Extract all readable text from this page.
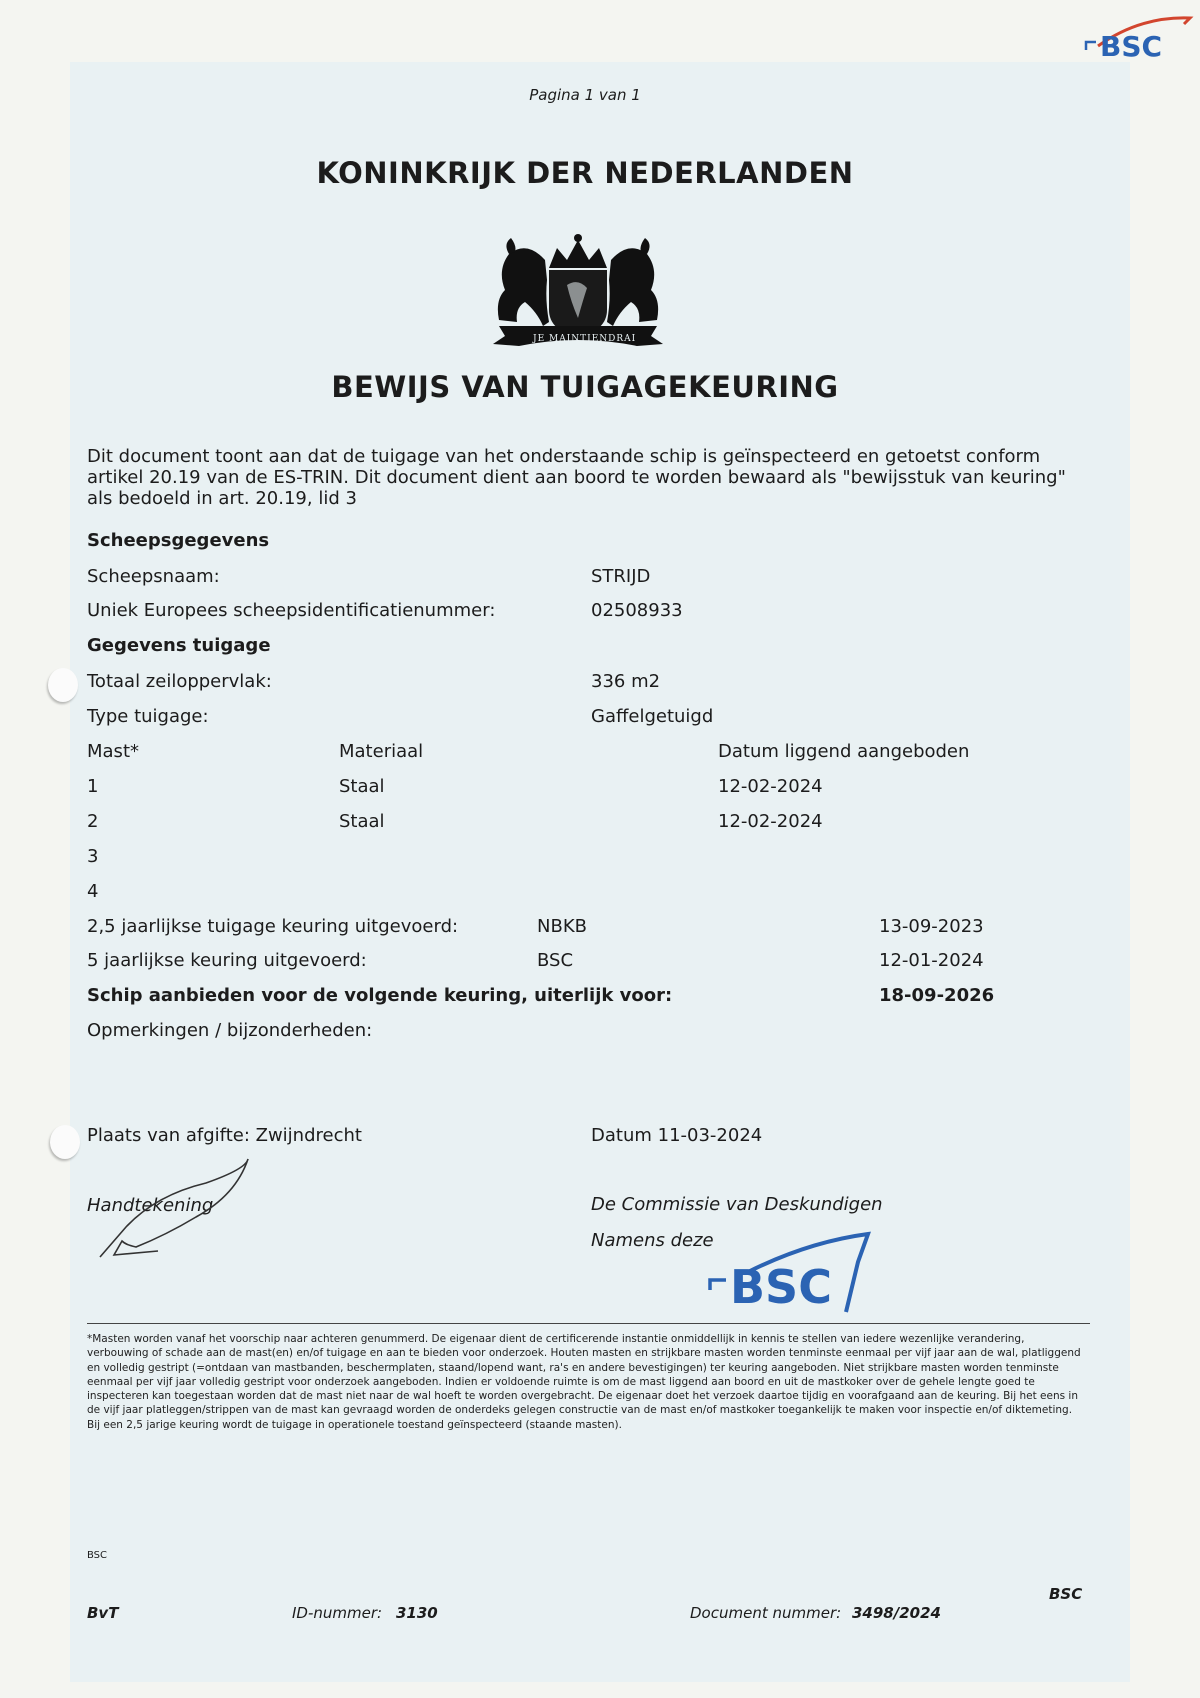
BSC
Pagina 1 van 1
KONINKRIJK DER NEDERLANDEN
JE MAINTIENDRAI
BEWIJS VAN TUIGAGEKEURING
Dit document toont aan dat de tuigage van het onderstaande schip is geïnspecteerd en getoetst conform artikel 20.19 van de ES-TRIN. Dit document dient aan boord te worden bewaard als "bewijsstuk van keuring" als bedoeld in art. 20.19, lid 3
Scheepsgegevens
Scheepsnaam:	STRIJD
Uniek Europees scheepsidentificatienummer:	02508933
Gegevens tuigage
Totaal zeiloppervlak:	336 m2
Type tuigage:	Gaffelgetuigd
Mast*	Materiaal	Datum liggend aangeboden
1	Staal	12-02-2024
2	Staal	12-02-2024
3
4
2,5 jaarlijkse tuigage keuring uitgevoerd:	NBKB	13-09-2023
5 jaarlijkse keuring uitgevoerd:	BSC	12-01-2024
Schip aanbieden voor de volgende keuring, uiterlijk voor:	18-09-2026
Opmerkingen / bijzonderheden:
Plaats van afgifte: Zwijndrecht	Datum 11-03-2024
Handtekening	De Commissie van Deskundigen
Namens deze
BSC
*Masten worden vanaf het voorschip naar achteren genummerd. De eigenaar dient de certificerende instantie onmiddellijk in kennis te stellen van iedere wezenlijke verandering, verbouwing of schade aan de mast(en) en/of tuigage en aan te bieden voor onderzoek. Houten masten en strijkbare masten worden tenminste eenmaal per vijf jaar aan de wal, platliggend en volledig gestript (=ontdaan van mastbanden, beschermplaten, staand/lopend want, ra's en andere bevestigingen) ter keuring aangeboden. Niet strijkbare masten worden tenminste eenmaal per vijf jaar volledig gestript voor onderzoek aangeboden. Indien er voldoende ruimte is om de mast liggend aan boord en uit de mastkoker over de gehele lengte goed te inspecteren kan toegestaan worden dat de mast niet naar de wal hoeft te worden overgebracht. De eigenaar doet het verzoek daartoe tijdig en voorafgaand aan de keuring. Bij het eens in de vijf jaar platleggen/strippen van de mast kan gevraagd worden de onderdeks gelegen constructie van de mast en/of mastkoker toegankelijk te maken voor inspectie en/of diktemeting. Bij een 2,5 jarige keuring wordt de tuigage in operationele toestand geïnspecteerd (staande masten).
BSC
BSC
BvT	ID-nummer: 3130	Document nummer: 3498/2024
